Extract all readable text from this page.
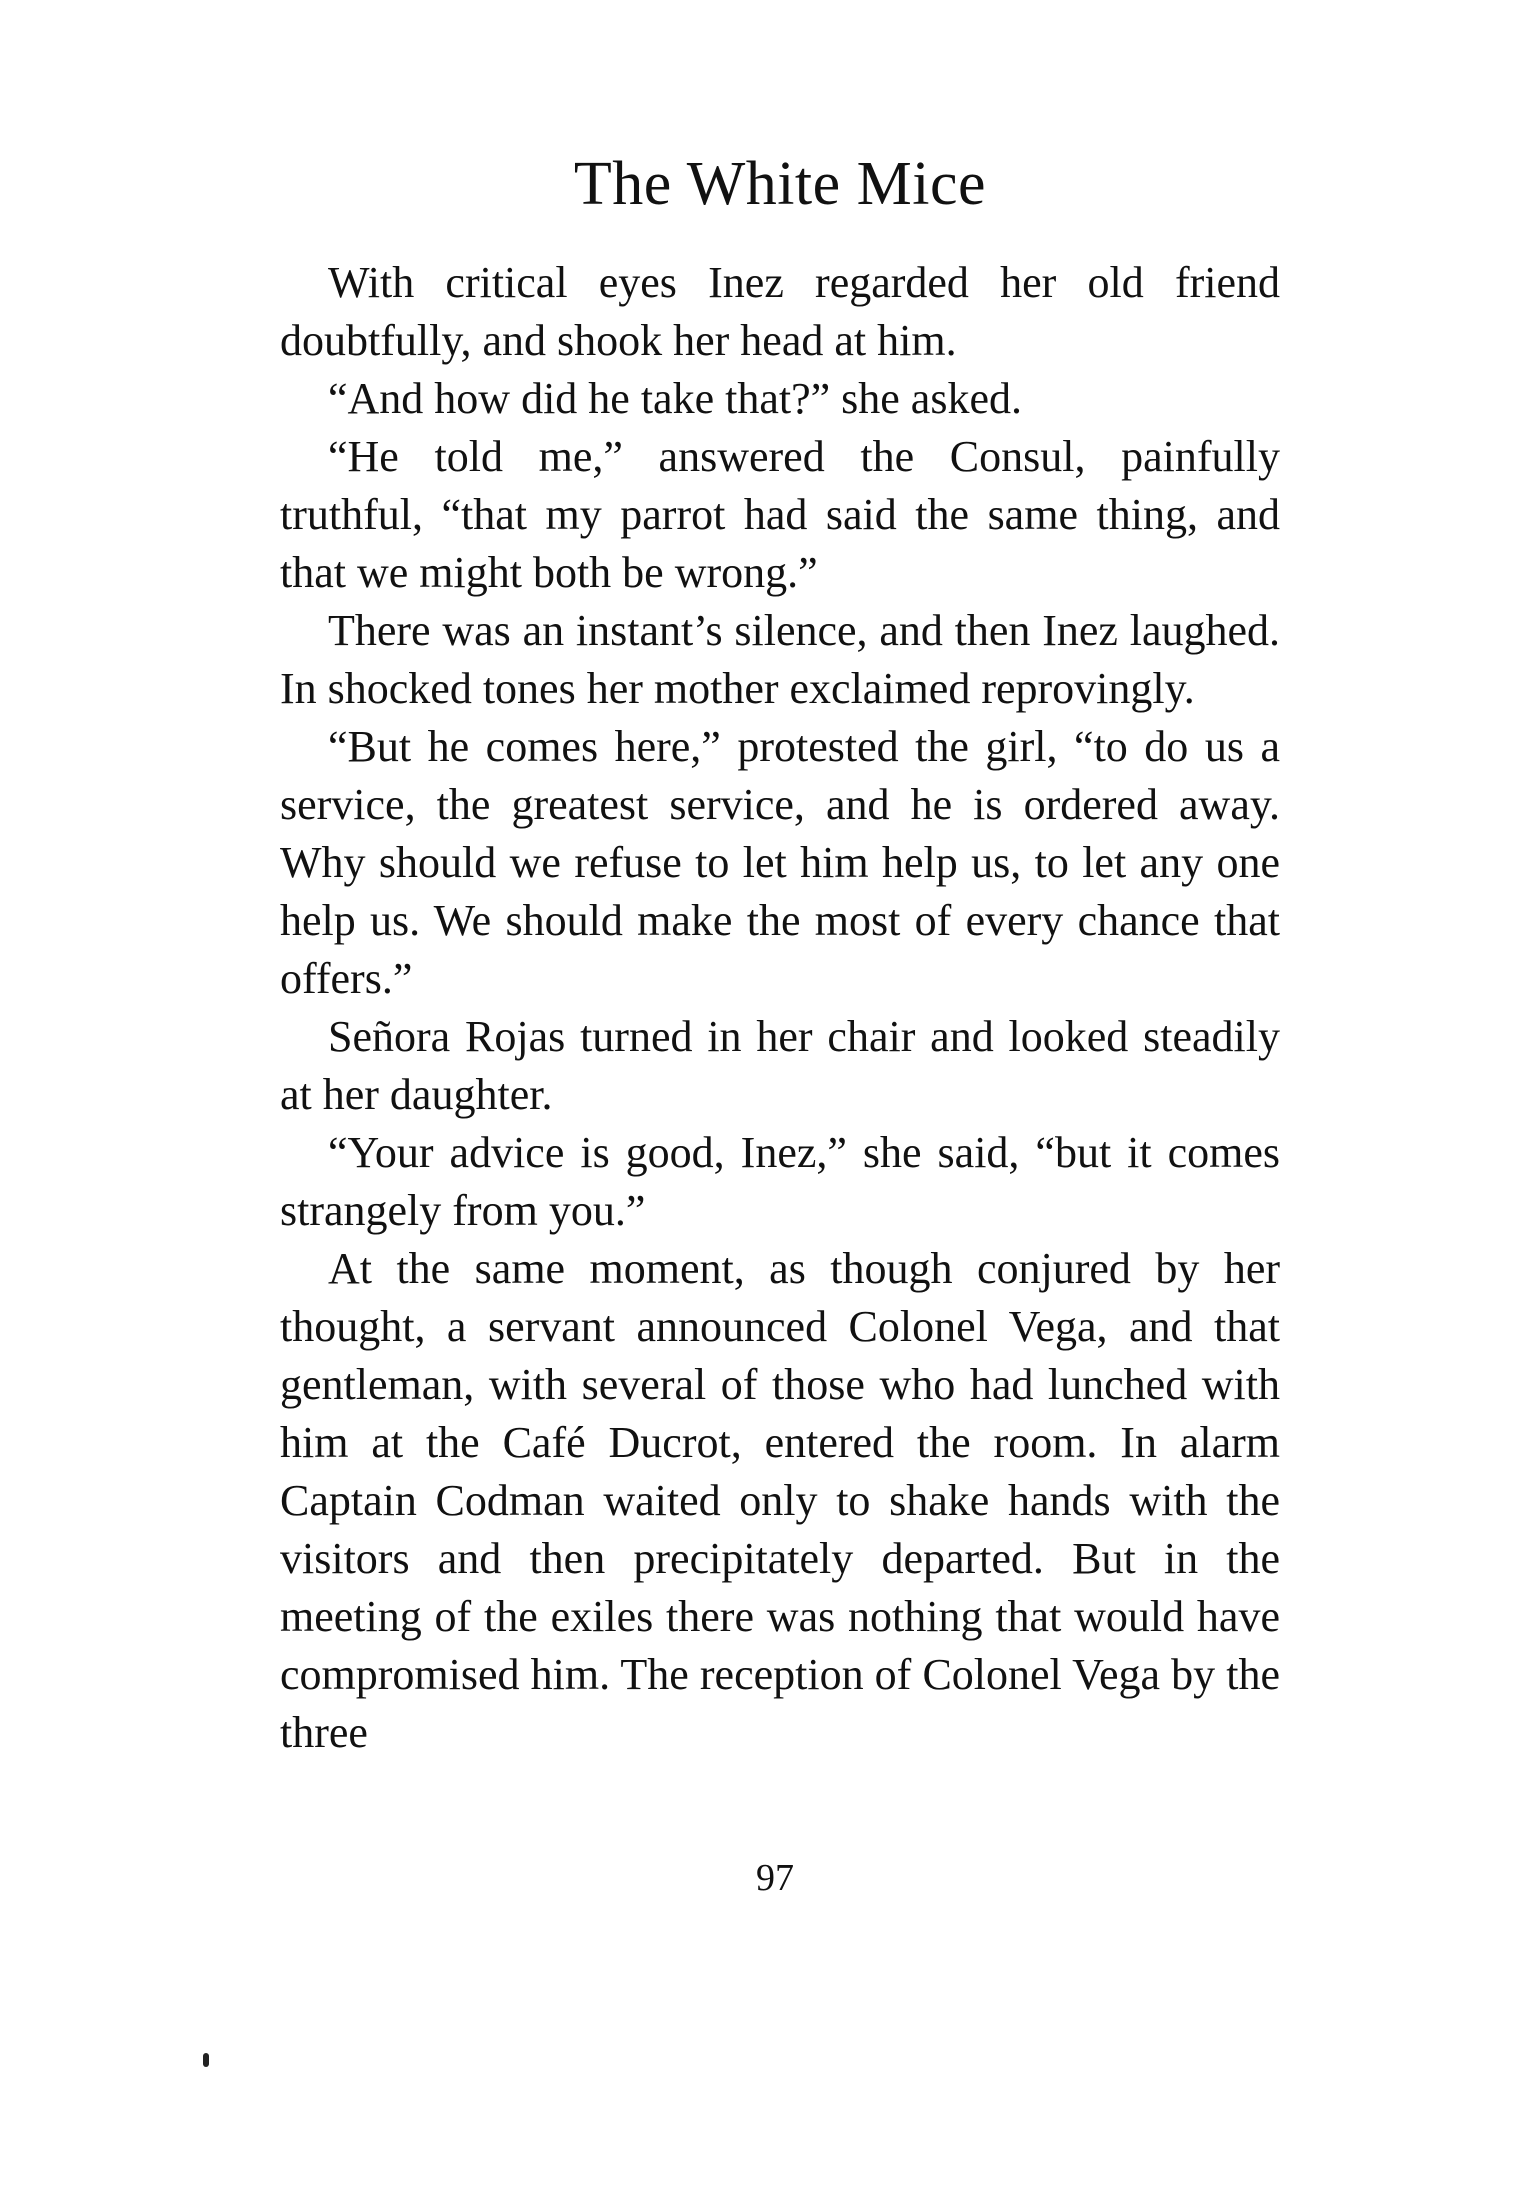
The White Mice

With critical eyes Inez regarded her old friend doubtfully, and shook her head at him.

“And how did he take that?” she asked.

“He told me,” answered the Consul, painfully truthful, “that my parrot had said the same thing, and that we might both be wrong.”

There was an instant’s silence, and then Inez laughed. In shocked tones her mother exclaimed reprovingly.

“But he comes here,” protested the girl, “to do us a service, the greatest service, and he is ordered away. Why should we refuse to let him help us, to let any one help us. We should make the most of every chance that offers.”

Señora Rojas turned in her chair and looked steadily at her daughter.

“Your advice is good, Inez,” she said, “but it comes strangely from you.”

At the same moment, as though conjured by her thought, a servant announced Colonel Vega, and that gentleman, with several of those who had lunched with him at the Café Ducrot, entered the room. In alarm Captain Codman waited only to shake hands with the visitors and then precipitately departed. But in the meeting of the exiles there was nothing that would have compromised him. The reception of Colonel Vega by the three

97
